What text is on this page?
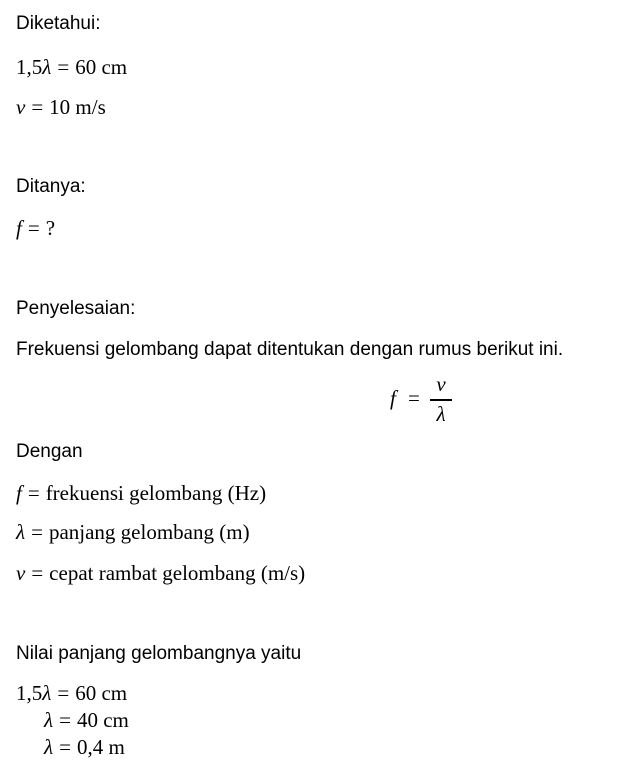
Diketahui:
1,5λ = 60 cm
v = 10 m/s
Ditanya:
f = ?
Penyelesaian:
Frekuensi gelombang dapat ditentukan dengan rumus berikut ini.
f =
v
λ
Dengan
f = frekuensi gelombang (Hz)
λ = panjang gelombang (m)
v = cepat rambat gelombang (m/s)
Nilai panjang gelombangnya yaitu
1,5λ = 60 cm
λ = 40 cm
λ = 0,4 m
